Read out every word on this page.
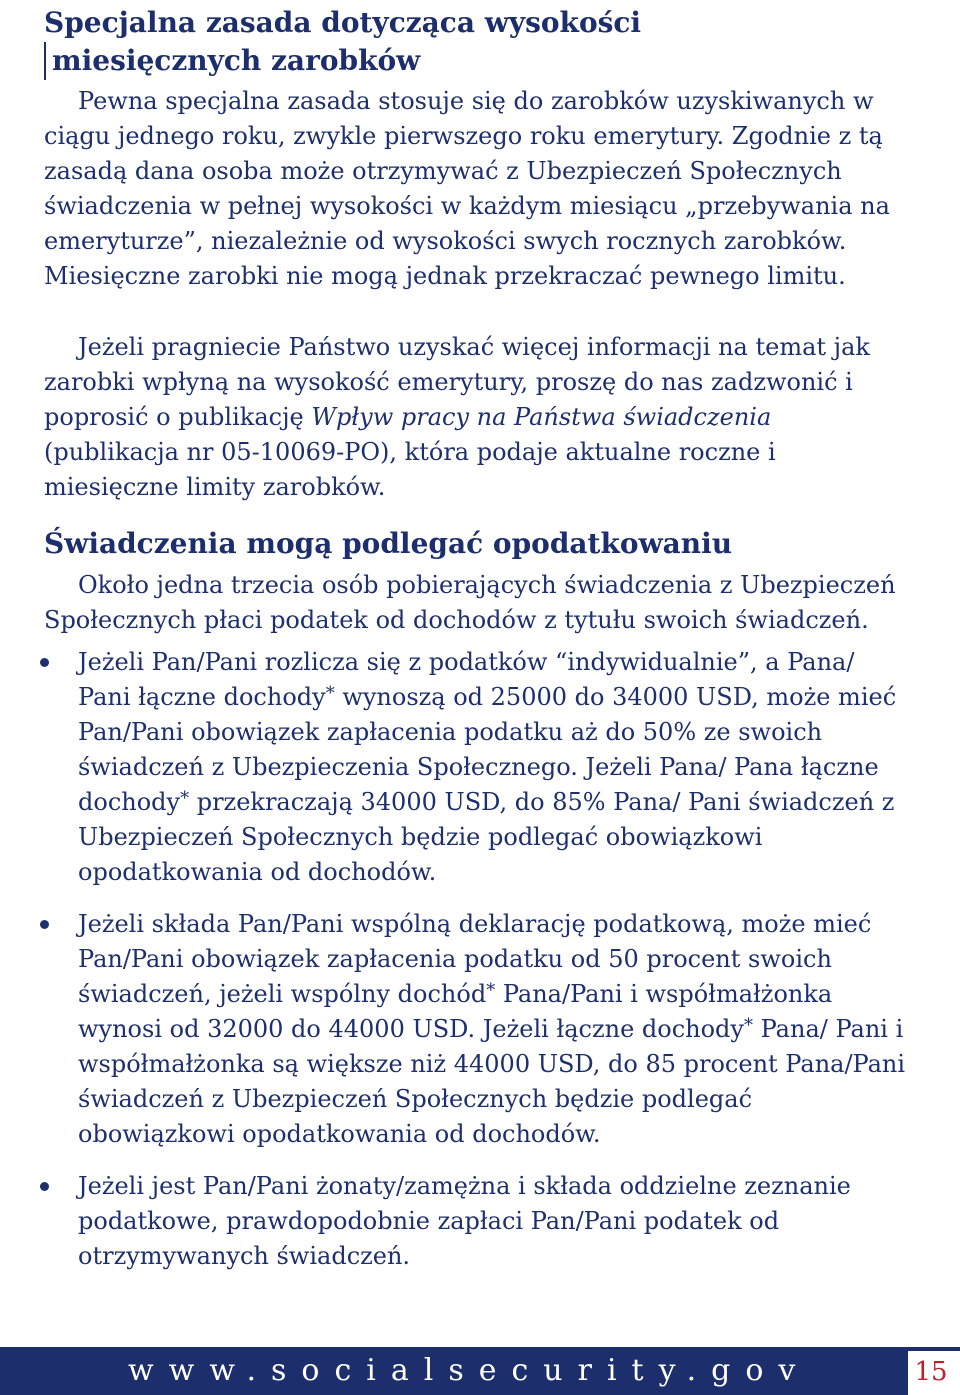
Specjalna zasada dotycząca wysokości
miesięcznych zarobków

Pewna specjalna zasada stosuje się do zarobków uzyskiwanych w ciągu jednego roku, zwykle pierwszego roku emerytury. Zgodnie z tą zasadą dana osoba może otrzymywać z Ubezpieczeń Społecznych świadczenia w pełnej wysokości w każdym miesiącu „przebywania na emeryturze”, niezależnie od wysokości swych rocznych zarobków. Miesięczne zarobki nie mogą jednak przekraczać pewnego limitu.

Jeżeli pragniecie Państwo uzyskać więcej informacji na temat jak zarobki wpłyną na wysokość emerytury, proszę do nas zadzwonić i poprosić o publikację Wpływ pracy na Państwa świadczenia (publikacja nr 05-10069-PO), która podaje aktualne roczne i miesięczne limity zarobków.

Świadczenia mogą podlegać opodatkowaniu

Około jedna trzecia osób pobierających świadczenia z Ubezpieczeń Społecznych płaci podatek od dochodów z tytułu swoich świadczeń.

Jeżeli Pan/Pani rozlicza się z podatków “indywidualnie”, a Pana/ Pani łączne dochody* wynoszą od 25000 do 34000 USD, może mieć Pan/Pani obowiązek zapłacenia podatku aż do 50% ze swoich świadczeń z Ubezpieczenia Społecznego. Jeżeli Pana/ Pana łączne dochody* przekraczają 34000 USD, do 85% Pana/ Pani świadczeń z Ubezpieczeń Społecznych będzie podlegać obowiązkowi opodatkowania od dochodów.
Jeżeli składa Pan/Pani wspólną deklarację podatkową, może mieć Pan/Pani obowiązek zapłacenia podatku od 50 procent swoich świadczeń, jeżeli wspólny dochód* Pana/Pani i współmałżonka wynosi od 32000 do 44000 USD. Jeżeli łączne dochody* Pana/ Pani i współmałżonka są większe niż 44000 USD, do 85 procent Pana/Pani świadczeń z Ubezpieczeń Społecznych będzie podlegać obowiązkowi opodatkowania od dochodów.
Jeżeli jest Pan/Pani żonaty/zamężna i składa oddzielne zeznanie podatkowe, prawdopodobnie zapłaci Pan/Pani podatek od otrzymywanych świadczeń.
www.socialsecurity.gov	15
